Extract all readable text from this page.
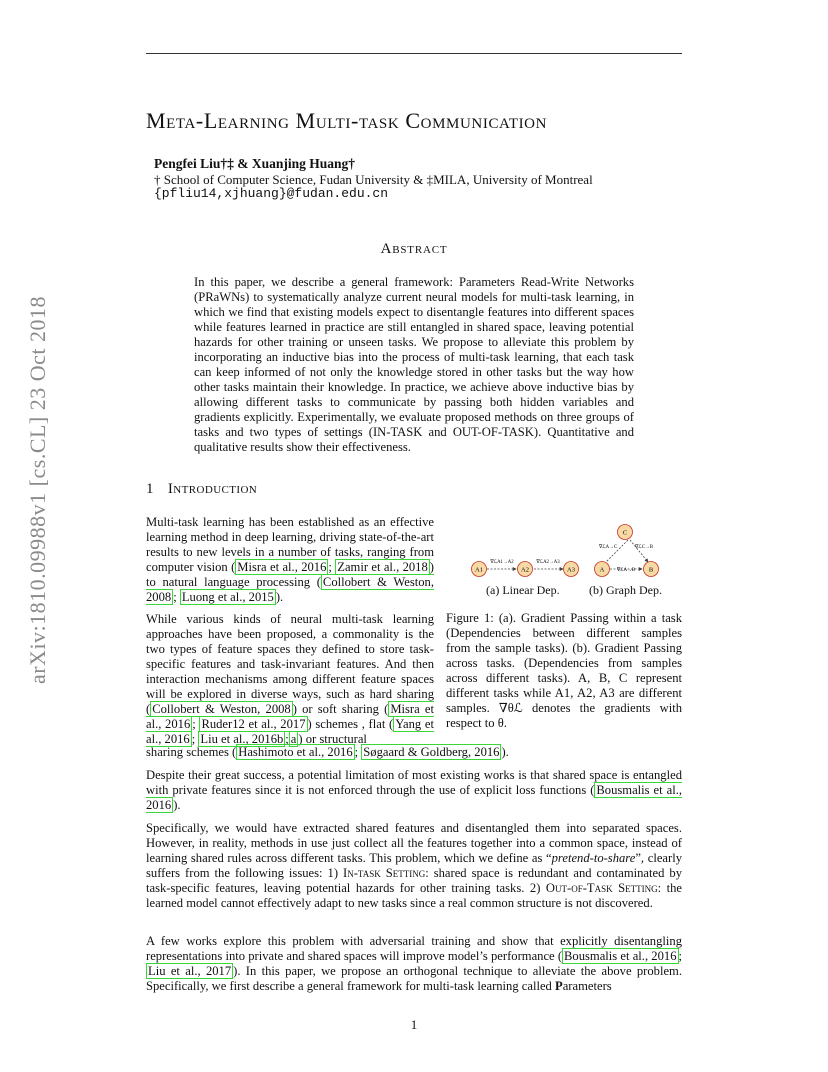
arXiv:1810.09988v1 [cs.CL] 23 Oct 2018
Meta-Learning Multi-task Communication
Pengfei Liu†‡ & Xuanjing Huang†
† School of Computer Science, Fudan University & ‡MILA, University of Montreal
{pfliu14,xjhuang}@fudan.edu.cn
Abstract
In this paper, we describe a general framework: Parameters Read-Write Networks (PRaWNs) to systematically analyze current neural models for multi-task learning, in which we find that existing models expect to disentangle features into different spaces while features learned in practice are still entangled in shared space, leaving potential hazards for other training or unseen tasks. We propose to alleviate this problem by incorporating an inductive bias into the process of multi-task learning, that each task can keep informed of not only the knowledge stored in other tasks but the way how other tasks maintain their knowledge. In practice, we achieve above inductive bias by allowing different tasks to communicate by passing both hidden variables and gradients explicitly. Experimentally, we evaluate proposed methods on three groups of tasks and two types of settings (IN-TASK and OUT-OF-TASK). Quantitative and qualitative results show their effectiveness.
1 Introduction
Multi-task learning has been established as an effective learning method in deep learning, driving state-of-the-art results to new levels in a number of tasks, ranging from computer vision ( Misra et al., 2016 ; Zamir et al., 2018 ) to natural language processing ( Collobert & Weston, 2008 ; Luong et al., 2015 ).
While various kinds of neural multi-task learning approaches have been proposed, a commonality is the two types of feature spaces they defined to store task-specific features and task-invariant features. And then interaction mechanisms among different feature spaces will be explored in diverse ways, such as hard sharing ( Collobert & Weston, 2008 ) or soft sharing ( Misra et al., 2016 ; Ruder12 et al., 2017 ) schemes , flat ( Yang et al., 2016 ; Liu et al., 2016b ; a ) or structural
sharing schemes ( Hashimoto et al., 2016 ; Søgaard & Goldberg, 2016 ).
A1	A2	A3
∇ℒA1→A2	∇ℒA2→A3
C
A	B
∇ℒA→C	∇ℒC→B
∇ℒA→B
(a) Linear Dep. (b) Graph Dep.
Figure 1: (a). Gradient Passing within a task (Dependencies between different samples from the sample tasks). (b). Gradient Passing across tasks. (Dependencies from samples across different tasks). A, B, C represent different tasks while A1, A2, A3 are different samples. ∇θℒ denotes the gradients with respect to θ.
Despite their great success, a potential limitation of most existing works is that shared space is entangled with private features since it is not enforced through the use of explicit loss functions ( Bousmalis et al., 2016 ).
Specifically, we would have extracted shared features and disentangled them into separated spaces. However, in reality, methods in use just collect all the features together into a common space, instead of learning shared rules across different tasks. This problem, which we define as “pretend-to-share”, clearly suffers from the following issues: 1) In-task Setting: shared space is redundant and contaminated by task-specific features, leaving potential hazards for other training tasks. 2) Out-of-Task Setting: the learned model cannot effectively adapt to new tasks since a real common structure is not discovered.
A few works explore this problem with adversarial training and show that explicitly disentangling representations into private and shared spaces will improve model’s performance ( Bousmalis et al., 2016 ; Liu et al., 2017 ). In this paper, we propose an orthogonal technique to alleviate the above problem. Specifically, we first describe a general framework for multi-task learning called Parameters
1
